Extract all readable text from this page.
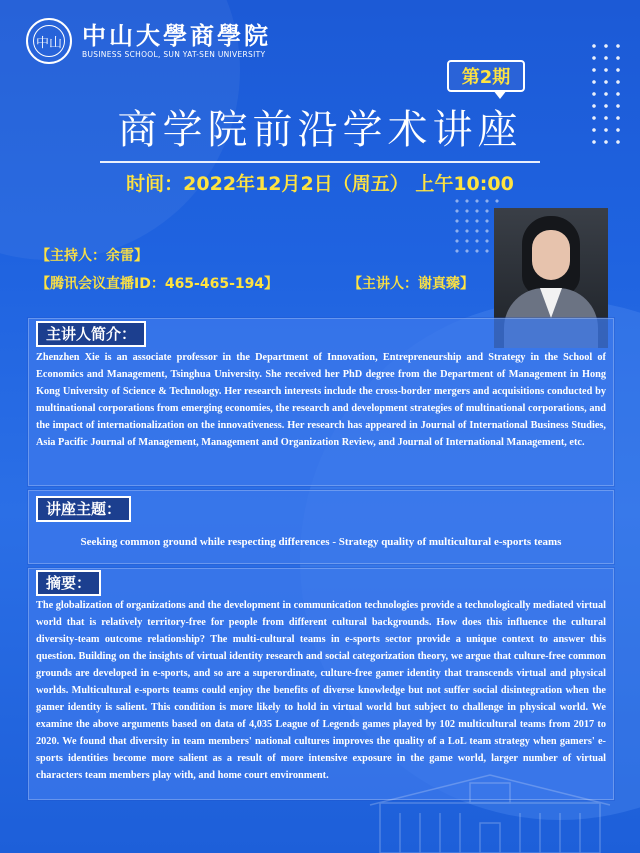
中山 中山大學商學院
BUSINESS SCHOOL, SUN YAT-SEN UNIVERSITY
第2期
商学院前沿学术讲座
时间：2022年12月2日（周五） 上午10:00
【主持人：余雷】
【腾讯会议直播ID：465-465-194】	【主讲人：谢真臻】
主讲人简介：
Zhenzhen Xie is an associate professor in the Department of Innovation, Entrepreneurship and Strategy in the School of Economics and Management, Tsinghua University. She received her PhD degree from the Department of Management in Hong Kong University of Science & Technology. Her research interests include the cross-border mergers and acquisitions conducted by multinational corporations from emerging economies, the research and development strategies of multinational corporations, and the impact of internationalization on the innovativeness. Her research has appeared in Journal of International Business Studies, Asia Pacific Journal of Management, Management and Organization Review, and Journal of International Management, etc.
讲座主题：
Seeking common ground while respecting differences - Strategy quality of multicultural e-sports teams
摘要：
The globalization of organizations and the development in communication technologies provide a technologically mediated virtual world that is relatively territory-free for people from different cultural backgrounds. How does this influence the cultural diversity-team outcome relationship? The multi-cultural teams in e-sports sector provide a unique context to answer this question. Building on the insights of virtual identity research and social categorization theory, we argue that culture-free common grounds are developed in e-sports, and so are a superordinate, culture-free gamer identity that transcends virtual and physical worlds. Multicultural e-sports teams could enjoy the benefits of diverse knowledge but not suffer social disintegration when the gamer identity is salient. This condition is more likely to hold in virtual world but subject to challenge in physical world. We examine the above arguments based on data of 4,035 League of Legends games played by 102 multicultural teams from 2017 to 2020. We found that diversity in team members' national cultures improves the quality of a LoL team strategy when gamers' e-sports identities become more salient as a result of more intensive exposure in the game world, larger number of virtual characters team members play with, and home court environment.
